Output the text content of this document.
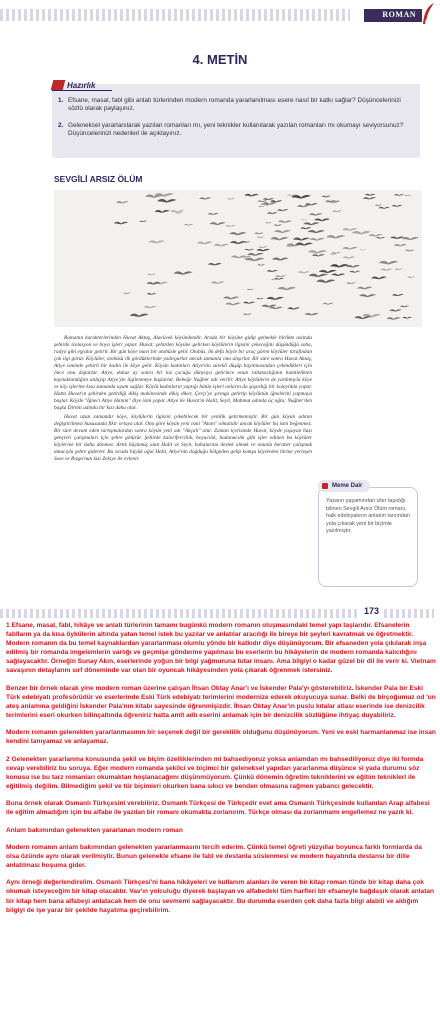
ROMAN
4. METİN
Hazırlık
1. Efsane, masal, fabl gibi anlatı türlerinden modern romanda yararlanılması esere nasıl bir katkı sağlar? Düşüncelerinizi sözlü olarak paylaşınız.
2. Geleneksel yararlanılarak yazılan romanları mı, yeni teknikler kullanılarak yazılan romanları mı okumayı seviyorsunuz? Düşüncelerinizi nedenleri ile açıklayınız.
SEVGİLİ ARSIZ ÖLÜM

Romanın karakterlerinden Huvat Aktaş, Alacüvek köyündendir. Arada bir köyüne gidip gelmekle birlikte aslında şehirde izolasyon ve boya işleri yapar. Huvat; şehirden köyüne gelirken köylülerin ilgisini çekeceğini düşündüğü soba, radyo gibi eşyalar getirir. Bir gün köye mavi bir otobüsle gelir. Otobüs, ilk defa böyle bir araç gören köylüler tarafından çok ilgi görür. Köylüler, otobüsü ilk gördüklerinde yadırgarlar ancak zamanla ona alışırlar. Bir süre sonra Huvat Aktaş, Atiye isminde şehirli bir kadın ile köye gelir. Köyün kadınları Atiye'nin sürekli düşüp bayılmasından çekindikleri için önce onu dışlarlar. Atiye, dokuz ay sonra bir kız çocuğu dünyaya getirince onun rahatsızlığının hamilelikten kaynaklandığını anlayıp Atiye'yle ilgilenmeye başlarlar. Bebeğe Nuğber adı verilir. Atiye köylülerin de yardımıyla köye ve köy işlerine kısa zamanda uyum sağlar. Köylü kadınların yaptığı bütün işleri onların da şaşırdığı bir kolaylıkla yapar. Hatta Huvat'ın şehirden getirdiği dikiş makinesinde dikiş diker, Çerçi'ye şırınga getirtip köylünün iğnelerini yapmaya başlar. Köyde "İğneci Atiye Hanım" diye isim yapar. Atiye ile Huvat'ın Halit, Seyit, Mahmut adında üç oğlu; Nuğber'den başka Dirmit adında bir kızı daha olur.

Huvat uzun zamandır köye, köylülerin ilgisini çekebilecek bir yenilik getirmemiştir. Bir gün köyün adının değiştirilmesi hususunda fikir ortaya atar. Ona göre köyün yeni ismi "Atom" olmalıdır ancak köylüler bu ismi beğenmez. Bir süre devam eden tartışmalardan sonra köyün yeni adı "Akçalı" olur. Zaman içerisinde Huvat, köyde yaşayan bazı gençleri çalışmaları için şehre götürür. Şehirde kaloriferciliık, boyacılık, badanacılık gibi işler edinen bu köylüler köylerine bir daha dönmez. Artık büyümüş olan Halit ve Seyit, babalarına destek olmak ve onunla beraber çalışmak amacıyla şehre giderler. Bu sırada büyük oğul Halit, Atiye'nin doğduğu bölgeden gelip komşu köylerden birine yerleşen Sose ve Rızgo'nun kızı Zekiye ile evlenir.

Meme Dair
Yazarın yaşamından izler taşıdığı bilinen Sevgili Arsız Ölüm romanı, halk edebiyatının anlatım tarzından yola çıkarak yeni bir biçimle yazılmıştır.
173

1 Efsane, masal, fabl, hikâye ve anlatı türlerinin tamamı bugünkü modern romanın oluşmasındaki temel yapı taşlarıdır. Efsanelerin fablların ya da kısa öykülerin altında yatan temel istek bu yazılar ve anlatılar aracılığı ile bireye bir şeyleri kavratmak ve öğretmektir. Modern romanın da bu temel kaynaklardan yararlanması olumlu yönde bir katkıdır diye düşünüyorum. Bir efsaneden yola çıkılarak inşa edilmiş bir romanda imgelemlerin varlığı ve geçmişe gönderme yapılması bu eserlerin bu hikâyelerin de modern romanda kalıcılığını sağlayacaktır. Örneğin Sunay Akın, eserlerinde yoğun bir bilgi yağmuruna tutar insanı. Ama bilgiyi o kadar güzel bir dil ile verir ki. Vietnam savaşının detaylarını sırf döneminde var olan bir oyuncak hikâyesinden yola çıkarak öğrenmek istersiniz.

Benzer bir örnek olarak yine modern roman üzerine çalışan İhsan Oktay Anar'ı ve İskender Pala'yı gösterebiliriz. İskender Pala bir Eski Türk edebiyatı profesörüdür ve eserlerinde Eski Türk edebiyatı terimlerini modernize ederek okuyucuya sunar. Belki de birçoğumuz od 'un ateş anlamına geldiğini İskender Pala'nın kitabı sayesinde öğrenmişizdir. İhsan Oktay Anar'ın puslu kıtalar atlası eserinde ise denizcilik terimlerini eseri okurken bilinçaltında öğreniriz hatta amlt adlı eserini anlamak için bir denizcilik sözlüğüne ihtiyaç duyabiliriz.

Modern romanın gelenekten yararlanmasının bir seçenek değil bir gereklilik olduğunu düşünüyorum. Yeni ve eski harmanlanmaz ise insan kendini tanıyamaz ve anlayamaz.

2 Gelenekten yararlanma konusunda şekil ve biçim özelliklerinden mi bahsediyoruz yoksa anlamdan mı bahsediliyoruz diye iki formda cevap verebiliriz bu soruya. Eğer modern romanda şekilci ve biçimci bir geleneksel yapıdan yararlanma düşünce si yada durumu söz konusu ise bu tarz romanları okumaktan hoşlanacağımı düşünmüyorum. Çünkü dönemin öğretim tekniklerini ve eğitim tekniklerl ile eğitilmiş değilim. Bilmediğim şekil ve tür biçimleri okurken bana sıkıcı ve benden olmasına rağmen yabancı gelecektir.

Buna örnek olarak Osmanlı Türkçesini verebiliriz. Osmanlı Türkçesi de Türkçedir evet ama Osmanlı Türkçesinde kullanılan Arap alfabesi ile eğitim almadığım için bu alfabe ile yazılan bir romanı okumakta zorlanırım. Türkçe olması da zorlanmamı engellemez ne yazık ki.

Anlam bakımından gelenekten yararlanan modern roman

Modern romanın anlam bakımından gelenekten yararlanmasını tercih ederim. Çünkü temel öğreti yüzyıllar boyunca farklı formlarda da olsa özünde aynı olarak verilmiştir. Bunun gelenekle efsane ile fabl ve destanla süslenmesi ve modern hayatında destansı bir dille anlatılması hoşuma gider.

Aynı örneği değerlendirelim. Osmanlı Türkçesi'ni bana hikâyeleri ve kullanım alanları ile veren bir kitap roman tünde bir kitap daha çok okumak isteyeceğim bir kitap olacaktır. Vav'ın yolculuğu diyerek başlayan ve alfabedeki tüm harfleri bir efsaneyle bağdaşık olarak anlatan bir kitap hem bana alfabeyi anlatacak hem de onu sevmemi sağlayacaktır. Bu durumda eserden çok daha fazla bilgi alabili ve aldığım bilgiyi de işe yarar bir şekilde hayatıma geçirebilirim.
